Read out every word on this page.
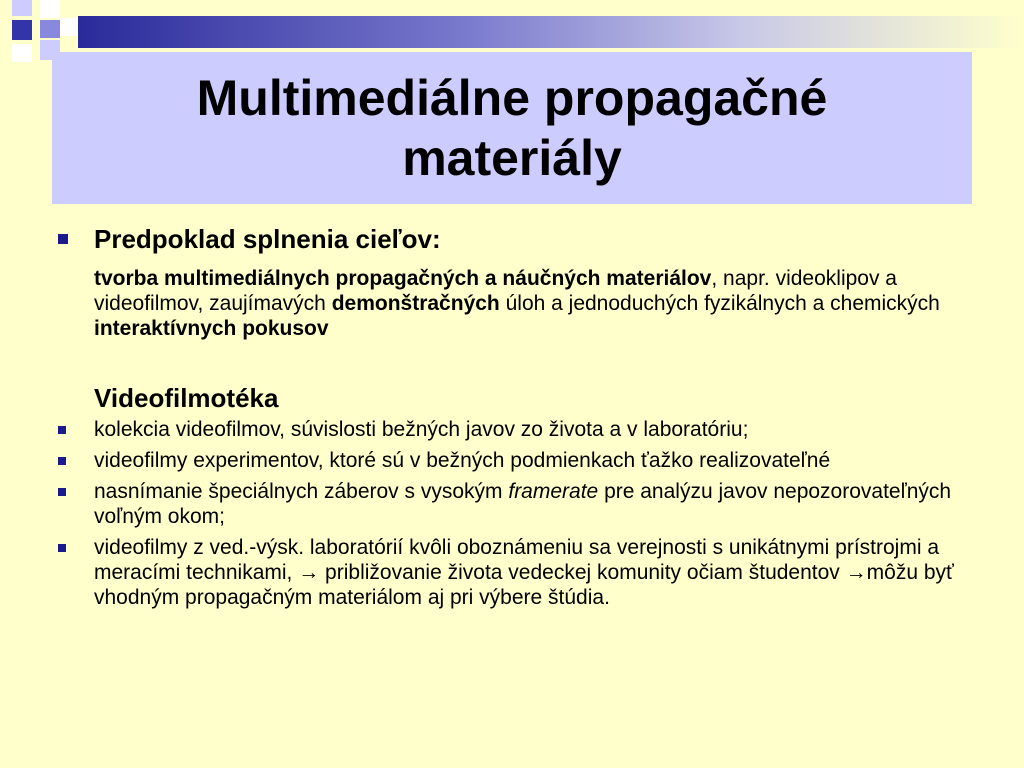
Multimediálne propagačné materiály
Predpoklad splnenia cieľov:
tvorba multimediálnych propagačných a náučných materiálov, napr. videoklipov a videofilmov, zaujímavých demonštračných úloh a jednoduchých fyzikálnych a chemických interaktívnych pokusov
Videofilmotéka
kolekcia videofilmov, súvislosti bežných javov zo života a v laboratóriu;
videofilmy experimentov, ktoré sú v bežných podmienkach ťažko realizovateľné
nasnímanie špeciálnych záberov s vysokým framerate pre analýzu javov nepozorovateľných voľným okom;
videofilmy z ved.-výsk. laboratórií kvôli oboznámeniu sa verejnosti s unikátnymi prístrojmi a meracími technikami, → približovanie života vedeckej komunity očiam študentov →môžu byť vhodným propagačným materiálom aj pri výbere štúdia.
